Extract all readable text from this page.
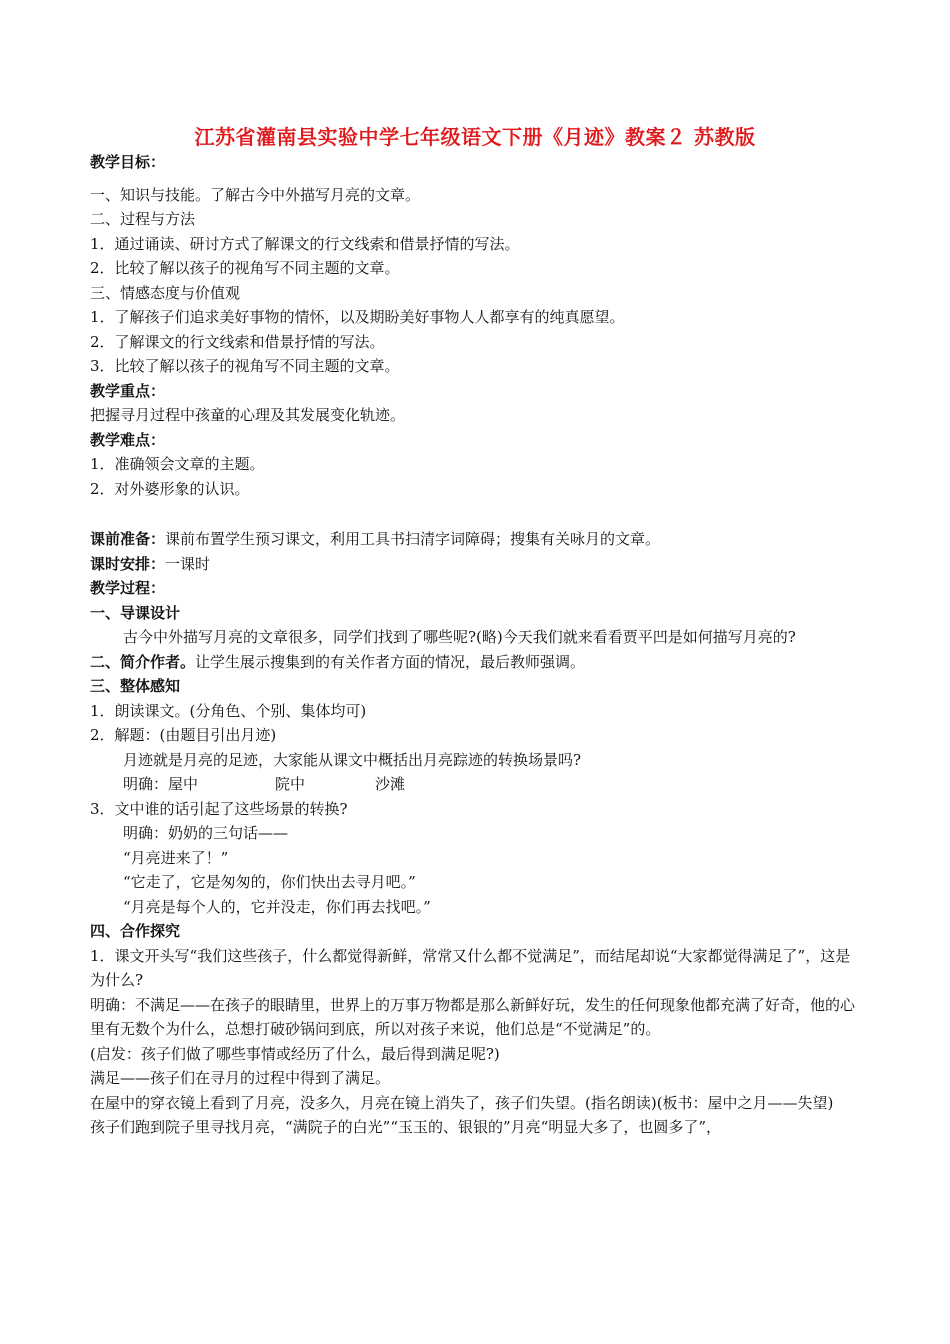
江苏省灌南县实验中学七年级语文下册《月迹》教案２ 苏教版

教学目标：

一、知识与技能。了解古今中外描写月亮的文章。

二、过程与方法

1．通过诵读、研讨方式了解课文的行文线索和借景抒情的写法。

2．比较了解以孩子的视角写不同主题的文章。

三、情感态度与价值观

1．了解孩子们追求美好事物的情怀，以及期盼美好事物人人都享有的纯真愿望。

2．了解课文的行文线索和借景抒情的写法。

3．比较了解以孩子的视角写不同主题的文章。

教学重点：

把握寻月过程中孩童的心理及其发展变化轨迹。

教学难点：

1．准确领会文章的主题。

2．对外婆形象的认识。

课前准备：课前布置学生预习课文，利用工具书扫清字词障碍；搜集有关咏月的文章。

课时安排：一课时

教学过程：

一、导课设计

古今中外描写月亮的文章很多，同学们找到了哪些呢?(略)今天我们就来看看贾平凹是如何描写月亮的?

二、简介作者。让学生展示搜集到的有关作者方面的情况，最后教师强调。

三、整体感知

1．朗读课文。(分角色、个别、集体均可)

2．解题：(由题目引出月迹)

月迹就是月亮的足迹，大家能从课文中概括出月亮踪迹的转换场景吗?

明确：屋中	院中	沙滩

3．文中谁的话引起了这些场景的转换?

明确：奶奶的三句话——

“月亮进来了！”

“它走了，它是匆匆的，你们快出去寻月吧。”

“月亮是每个人的，它并没走，你们再去找吧。”

四、合作探究

1．课文开头写“我们这些孩子，什么都觉得新鲜，常常又什么都不觉满足”，而结尾却说“大家都觉得满足了”，这是为什么?

明确：不满足——在孩子的眼睛里，世界上的万事万物都是那么新鲜好玩，发生的任何现象他都充满了好奇，他的心里有无数个为什么，总想打破砂锅问到底，所以对孩子来说，他们总是“不觉满足”的。

(启发：孩子们做了哪些事情或经历了什么，最后得到满足呢?)

满足——孩子们在寻月的过程中得到了满足。

在屋中的穿衣镜上看到了月亮，没多久，月亮在镜上消失了，孩子们失望。(指名朗读)(板书：屋中之月——失望)

孩子们跑到院子里寻找月亮，“满院子的白光”“玉玉的、银银的”月亮“明显大多了，也圆多了”，
